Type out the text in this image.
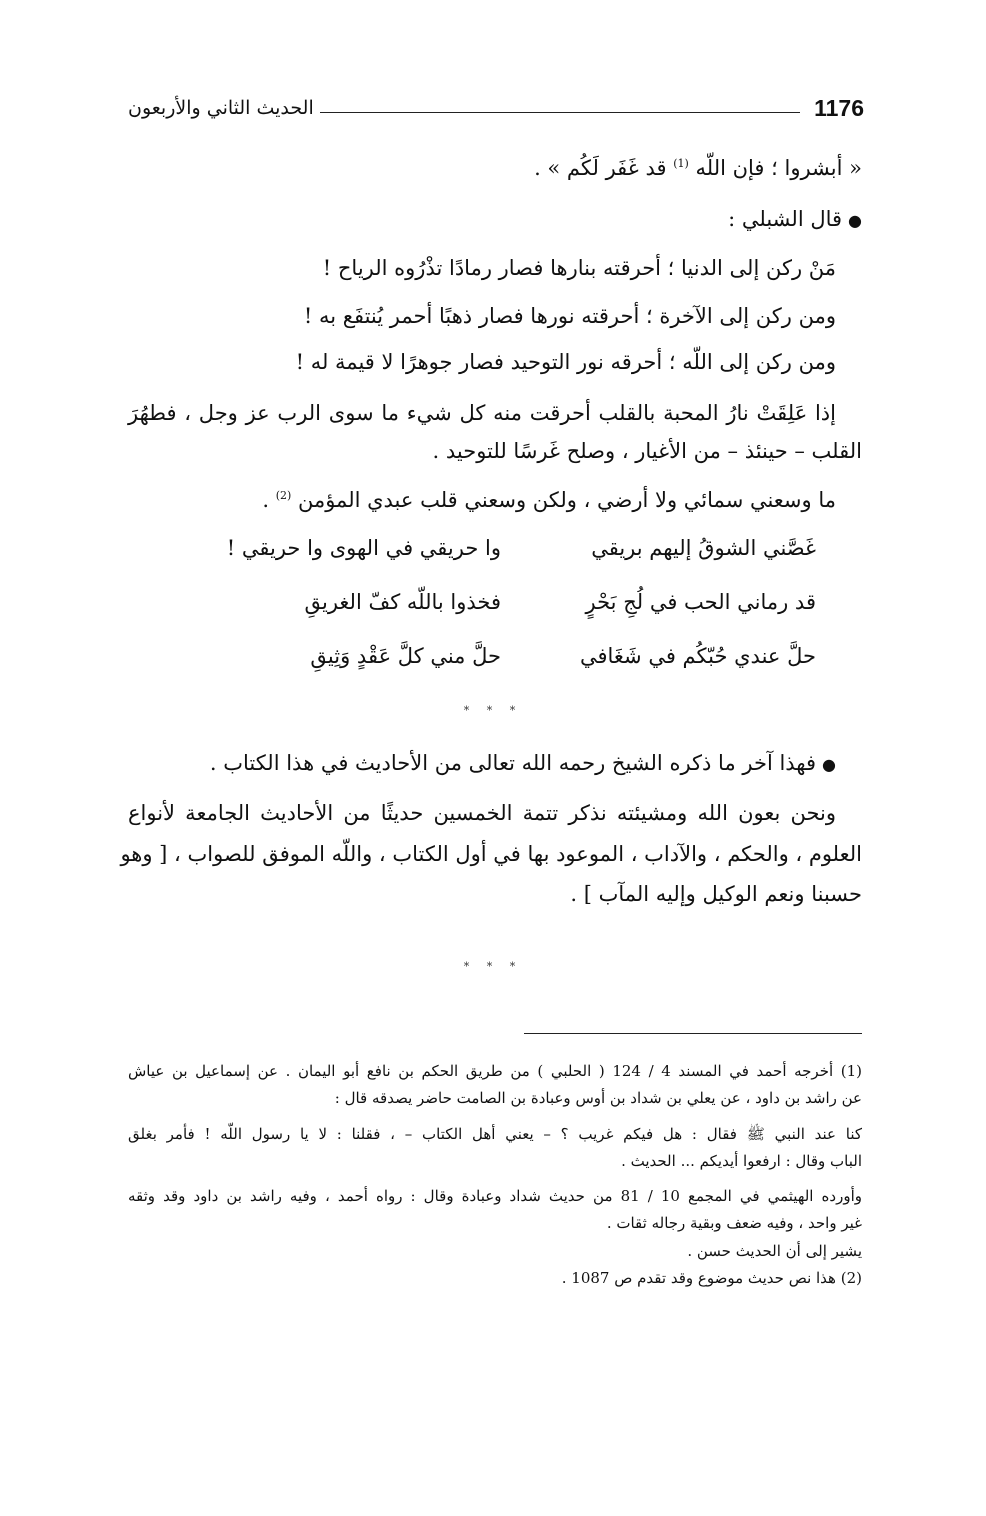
1176
الحديث الثاني والأربعون
« أبشروا ؛ فإن اللّه $^{(1)}$ قد غَفَر لَكُم » .
●قال الشبلي :
مَنْ ركن إلى الدنيا ؛ أحرقته بنارها فصار رمادًا تذْرُوه الرياح !
ومن ركن إلى الآخرة ؛ أحرقته نورها فصار ذهبًا أحمر يُنتفَع به !
ومن ركن إلى اللّه ؛ أحرقه نور التوحيد فصار جوهرًا لا قيمة له !
إذا عَلِقَتْ نارُ المحبة بالقلب أحرقت منه كل شيء ما سوى الرب عز وجل ، فطهُرَ
القلب – حينئذ – من الأغيار ، وصلح غَرسًا للتوحيد .
ما وسعني سمائي ولا أرضي ، ولكن وسعني قلب عبدي المؤمن $^{(2)}$ .
غَصَّني الشوقُ إليهم بريقي
وا حريقي في الهوى وا حريقي !
قد رماني الحب في لُجِ بَحْرٍ
فخذوا باللّه كفّ الغريقِ
حلَّ عندي حُبّكُم في شَغَافي
حلَّ مني كلَّ عَقْدٍ وَثِيقِ
* * *
●فهذا آخر ما ذكره الشيخ رحمه الله تعالى من الأحاديث في هذا الكتاب .
ونحن بعون الله ومشيئته نذكر تتمة الخمسين حديثًا من الأحاديث الجامعة لأنواع
العلوم ، والحكم ، والآداب ، الموعود بها في أول الكتاب ، واللّه الموفق للصواب ، [ وهو
حسبنا ونعم الوكيل وإليه المآب ] .
* * *
(1) أخرجه أحمد في المسند 4 / 124 ( الحلبي ) من طريق الحكم بن نافع أبو اليمان . عن إسماعيل بن عياش
عن راشد بن داود ، عن يعلي بن شداد بن أوس وعبادة بن الصامت حاضر يصدقه قال :
كنا عند النبي ﷺ فقال : هل فيكم غريب ؟ – يعني أهل الكتاب – ، فقلنا : لا يا رسول اللّه ! فأمر بغلق
الباب وقال : ارفعوا أيديكم ... الحديث .
وأورده الهيثمي في المجمع 10 / 81 من حديث شداد وعبادة وقال : رواه أحمد ، وفيه راشد بن داود وقد وثقه
غير واحد ، وفيه ضعف وبقية رجاله ثقات .
يشير إلى أن الحديث حسن .
(2) هذا نص حديث موضوع وقد تقدم ص 1087 .
